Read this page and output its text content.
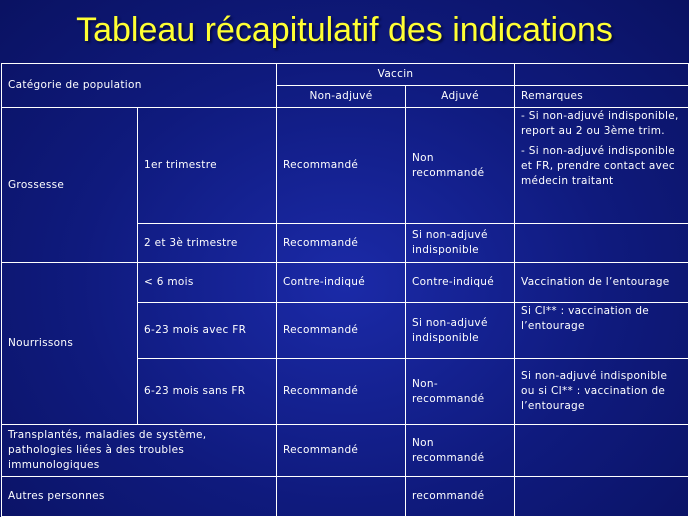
Tableau récapitulatif des indications
Catégorie de population		Vaccin		
		Non-adjuvé	Adjuvé	Remarques
Grossesse	1er trimestre	Recommandé	Non recommandé	- Si non-adjuvé indisponible, report au 2 ou 3ème trim.
- Si non-adjuvé indisponible et FR, prendre contact avec médecin traitant

	2 et 3è trimestre	Recommandé	Si non-adjuvé indisponible	
Nourrissons	< 6 mois	Contre-indiqué	Contre-indiqué	Vaccination de l’entourage
	6-23 mois avec FR	Recommandé	Si non-adjuvé indisponible	Si CI** : vaccination de l’entourage
	6-23 mois sans FR	Recommandé	Non-recommandé	Si non-adjuvé indisponible ou si CI** : vaccination de l’entourage
Transplantés, maladies de système, pathologies liées à des troubles immunologiques		Recommandé	Non recommandé	
Autres personnes			recommandé	
